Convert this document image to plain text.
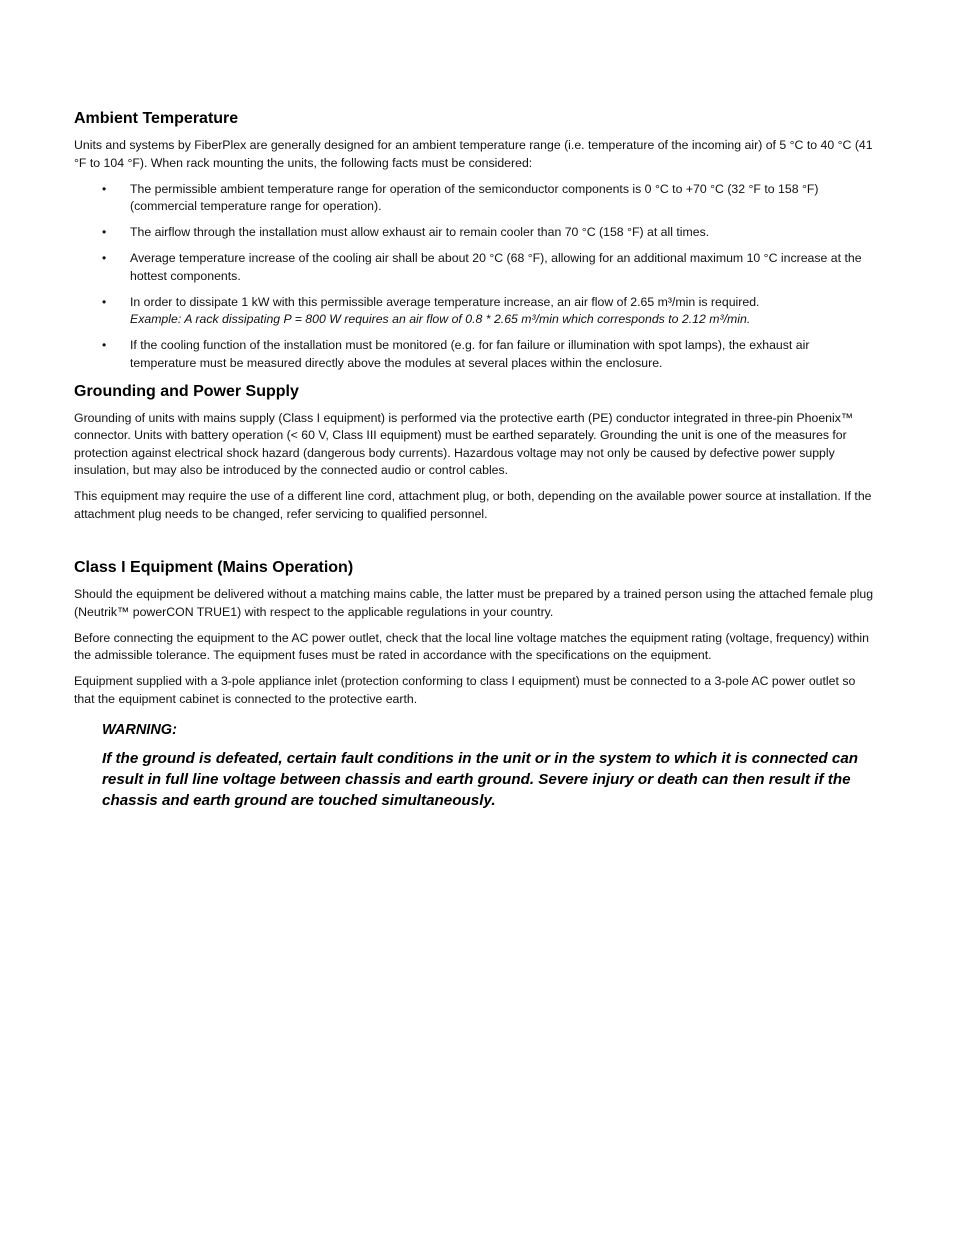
Ambient Temperature

Units and systems by FiberPlex are generally designed for an ambient temperature range (i.e. temperature of the incoming air) of 5 °C to 40 °C (41 °F to 104 °F). When rack mounting the units, the following facts must be considered:

• The permissible ambient temperature range for operation of the semiconductor components is 0 °C to +70 °C (32 °F to 158 °F) (commercial temperature range for operation).
• The airflow through the installation must allow exhaust air to remain cooler than 70 °C (158 °F) at all times.
• Average temperature increase of the cooling air shall be about 20 °C (68 °F), allowing for an additional maximum 10 °C increase at the hottest components.
• In order to dissipate 1 kW with this permissible average temperature increase, an air flow of 2.65 m³/min is required.
Example: A rack dissipating P = 800 W requires an air flow of 0.8 * 2.65 m³/min which corresponds to 2.12 m³/min.
• If the cooling function of the installation must be monitored (e.g. for fan failure or illumination with spot lamps), the exhaust air temperature must be measured directly above the modules at several places within the enclosure.
Grounding and Power Supply

Grounding of units with mains supply (Class I equipment) is performed via the protective earth (PE) conductor integrated in three-pin Phoenix™ connector. Units with battery operation (< 60 V, Class III equipment) must be earthed separately. Grounding the unit is one of the measures for protection against electrical shock hazard (dangerous body currents). Hazardous voltage may not only be caused by defective power supply insulation, but may also be introduced by the connected audio or control cables.

This equipment may require the use of a different line cord, attachment plug, or both, depending on the available power source at installation. If the attachment plug needs to be changed, refer servicing to qualified personnel.

Class I Equipment (Mains Operation)

Should the equipment be delivered without a matching mains cable, the latter must be prepared by a trained person using the attached female plug (Neutrik™ powerCON TRUE1) with respect to the applicable regulations in your country.

Before connecting the equipment to the AC power outlet, check that the local line voltage matches the equipment rating (voltage, frequency) within the admissible tolerance. The equipment fuses must be rated in accordance with the specifications on the equipment.

Equipment supplied with a 3-pole appliance inlet (protection conforming to class I equipment) must be connected to a 3-pole AC power outlet so that the equipment cabinet is connected to the protective earth.

WARNING:

If the ground is defeated, certain fault conditions in the unit or in the system to which it is connected can result in full line voltage between chassis and earth ground. Severe injury or death can then result if the chassis and earth ground are touched simultaneously.
